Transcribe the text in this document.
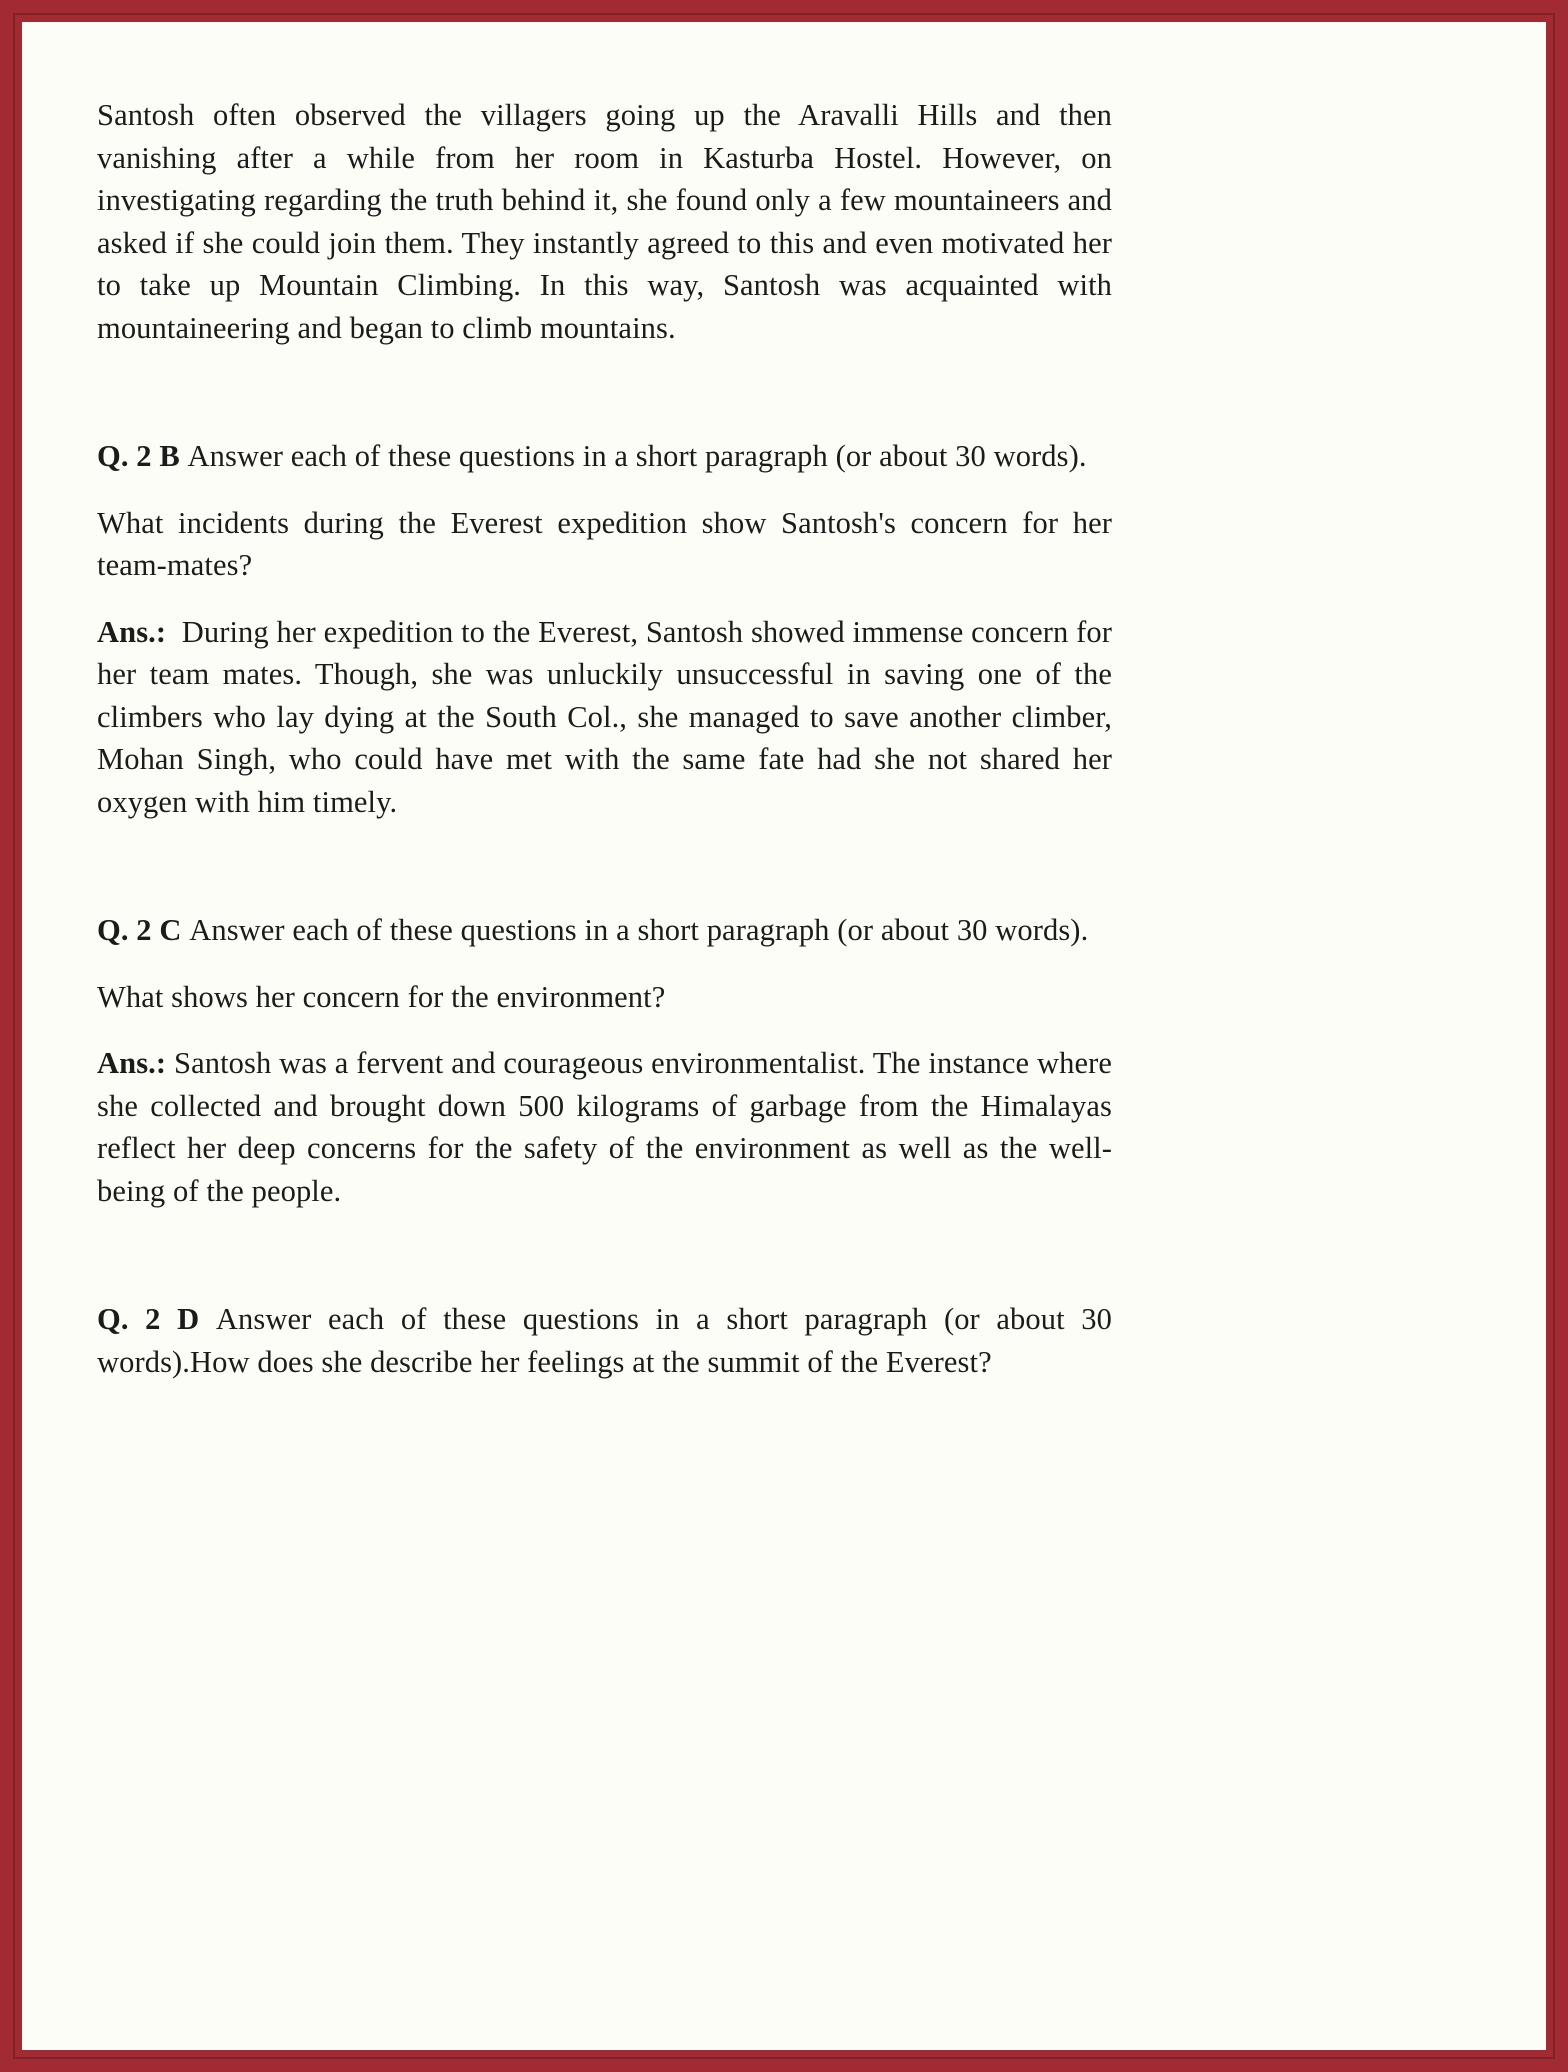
Santosh often observed the villagers going up the Aravalli Hills and then vanishing after a while from her room in Kasturba Hostel. However, on investigating regarding the truth behind it, she found only a few mountaineers and asked if she could join them. They instantly agreed to this and even motivated her to take up Mountain Climbing. In this way, Santosh was acquainted with mountaineering and began to climb mountains.

Q. 2 B Answer each of these questions in a short paragraph (or about 30 words).

What incidents during the Everest expedition show Santosh's concern for her team-mates?

Ans.: During her expedition to the Everest, Santosh showed immense concern for her team mates. Though, she was unluckily unsuccessful in saving one of the climbers who lay dying at the South Col., she managed to save another climber, Mohan Singh, who could have met with the same fate had she not shared her oxygen with him timely.

Q. 2 C Answer each of these questions in a short paragraph (or about 30 words).

What shows her concern for the environment?

Ans.: Santosh was a fervent and courageous environmentalist. The instance where she collected and brought down 500 kilograms of garbage from the Himalayas reflect her deep concerns for the safety of the environment as well as the well-being of the people.

Q. 2 D Answer each of these questions in a short paragraph (or about 30 words).How does she describe her feelings at the summit of the Everest?
